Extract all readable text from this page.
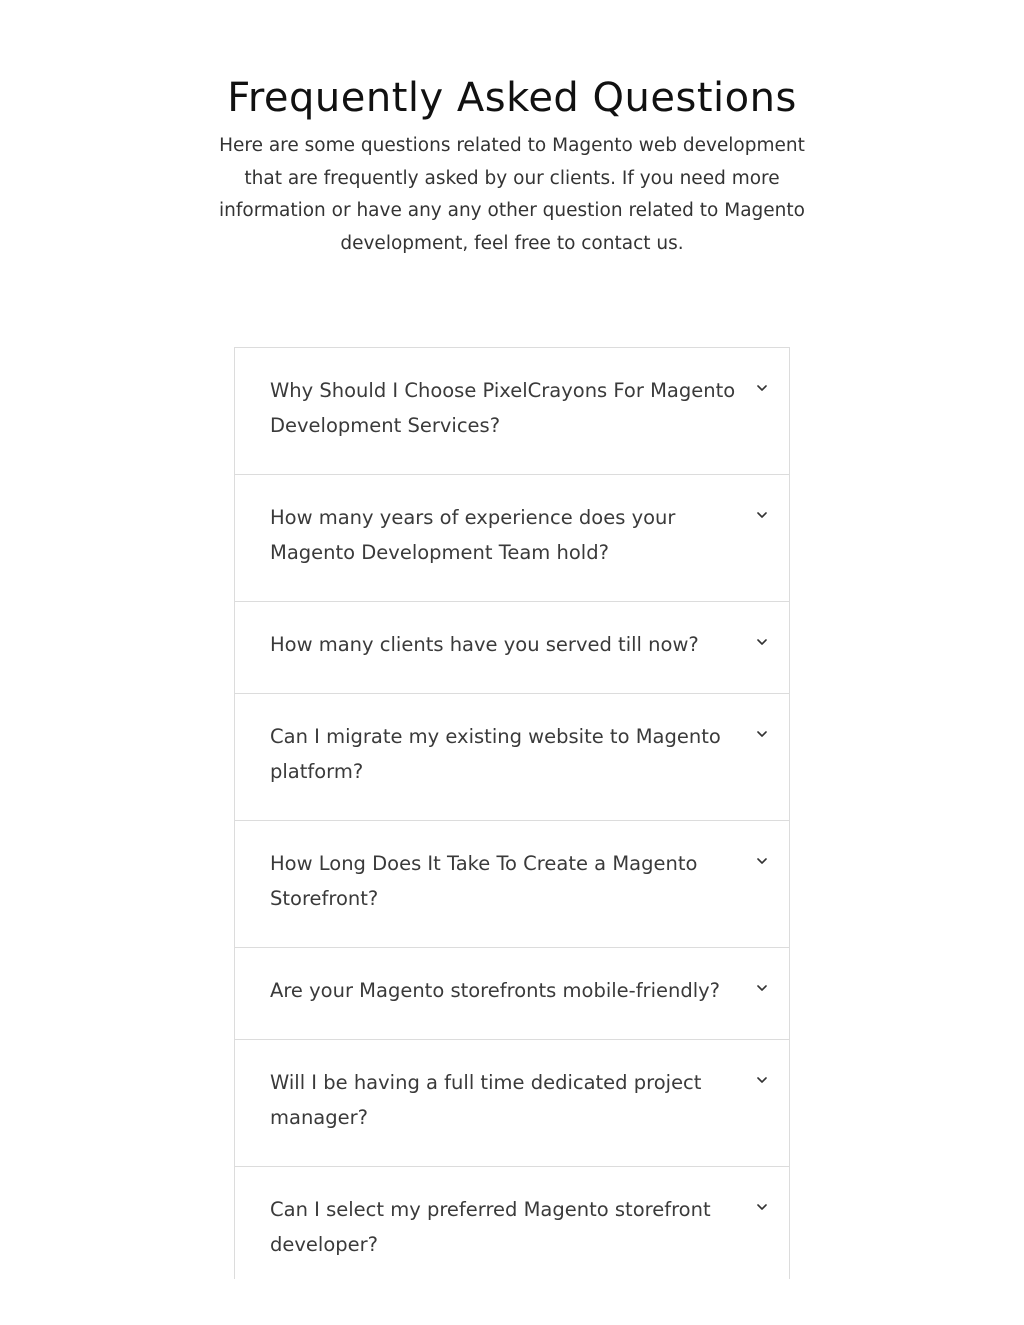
Frequently Asked Questions

Here are some questions related to Magento web development that are frequently asked by our clients. If you need more information or have any any other question related to Magento development, feel free to contact us.

Why Should I Choose PixelCrayons For Magento Development Services?
How many years of experience does your Magento Development Team hold?
How many clients have you served till now?
Can I migrate my existing website to Magento platform?
How Long Does It Take To Create a Magento Storefront?
Are your Magento storefronts mobile-friendly?
Will I be having a full time dedicated project manager?
Can I select my preferred Magento storefront developer?
